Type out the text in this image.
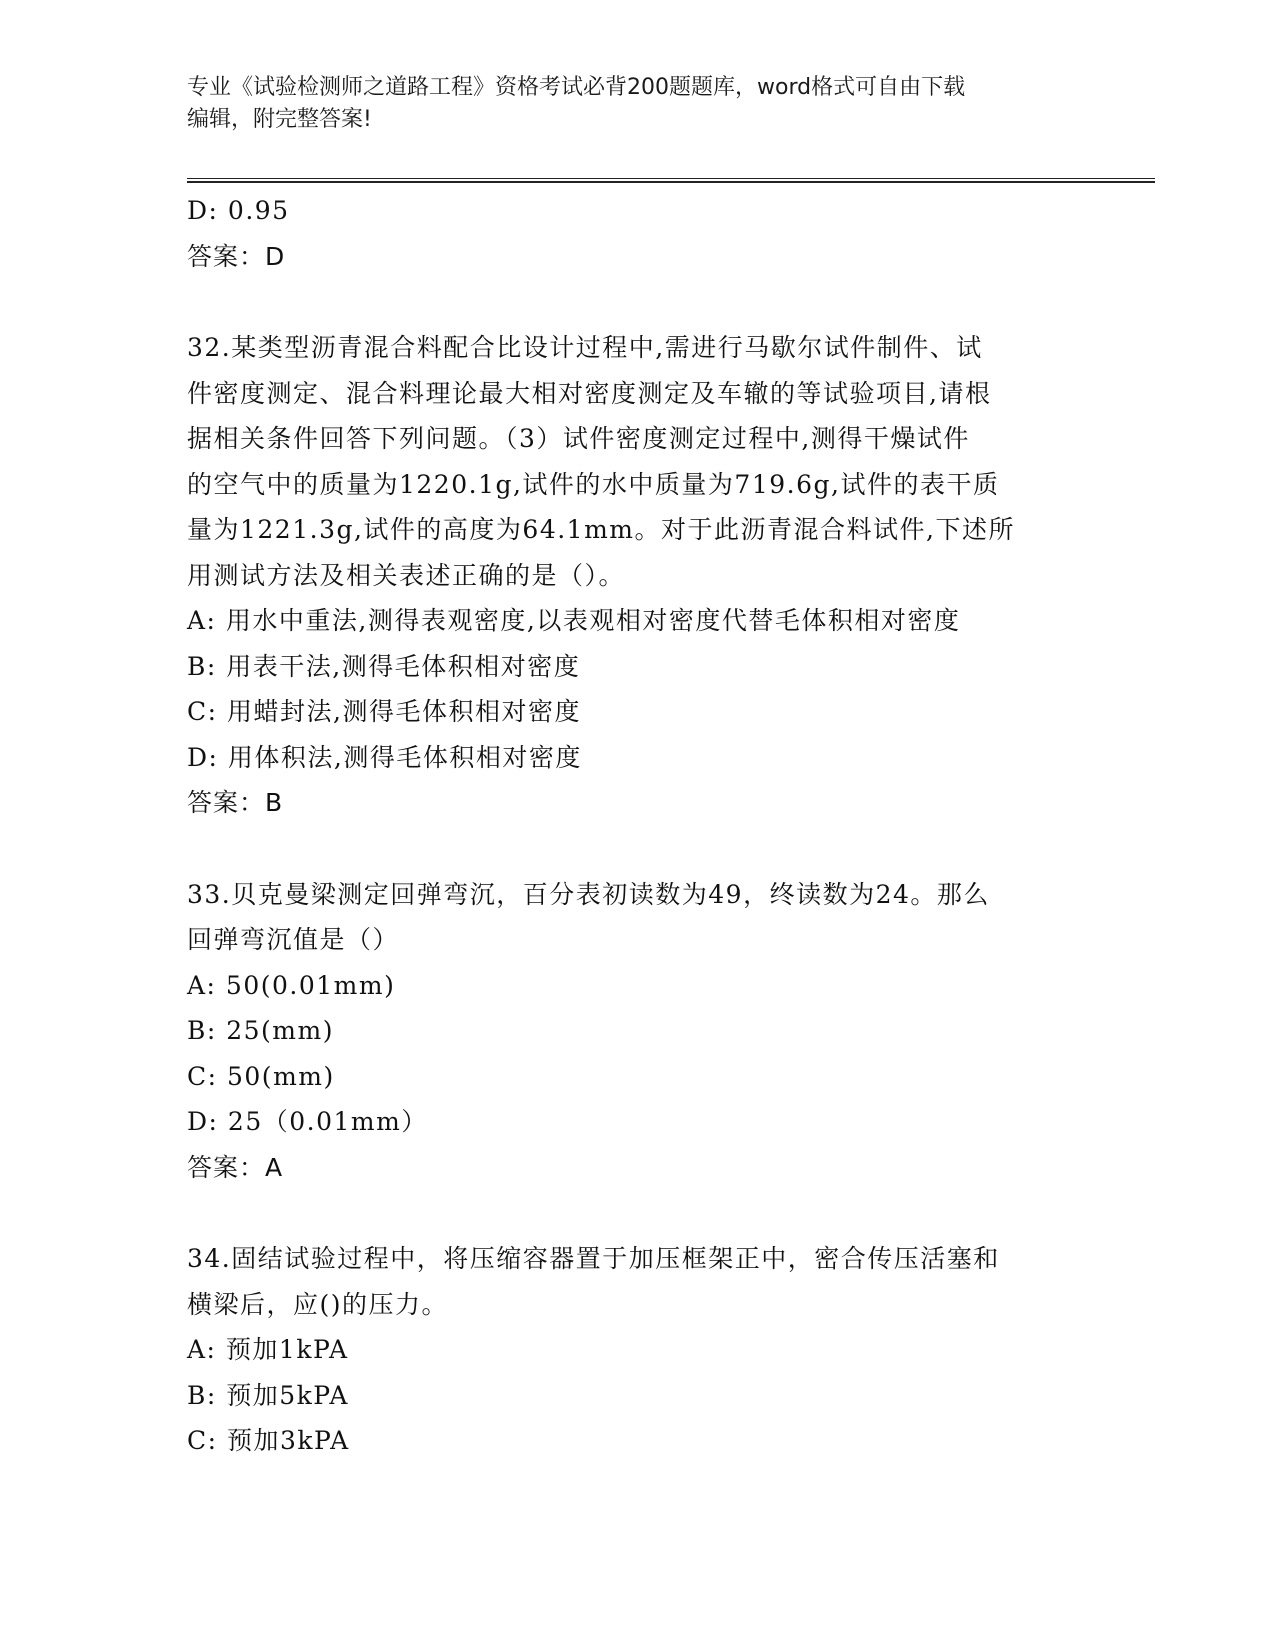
专业《试验检测师之道路工程》资格考试必背200题题库，word格式可自由下载
编辑，附完整答案!
D: 0.95
答案：D
32.某类型沥青混合料配合比设计过程中,需进行马歇尔试件制件、试
件密度测定、混合料理论最大相对密度测定及车辙的等试验项目,请根
据相关条件回答下列问题。（3）试件密度测定过程中,测得干燥试件
的空气中的质量为1220.1g,试件的水中质量为719.6g,试件的表干质
量为1221.3g,试件的高度为64.1mm。对于此沥青混合料试件,下述所
用测试方法及相关表述正确的是（）。
A: 用水中重法,测得表观密度,以表观相对密度代替毛体积相对密度
B: 用表干法,测得毛体积相对密度
C: 用蜡封法,测得毛体积相对密度
D: 用体积法,测得毛体积相对密度
答案：B
33.贝克曼梁测定回弹弯沉，百分表初读数为49，终读数为24。那么
回弹弯沉值是（）
A: 50(0.01mm)
B: 25(mm)
C: 50(mm)
D: 25（0.01mm）
答案：A
34.固结试验过程中，将压缩容器置于加压框架正中，密合传压活塞和
横梁后，应()的压力。
A: 预加1kPA
B: 预加5kPA
C: 预加3kPA
